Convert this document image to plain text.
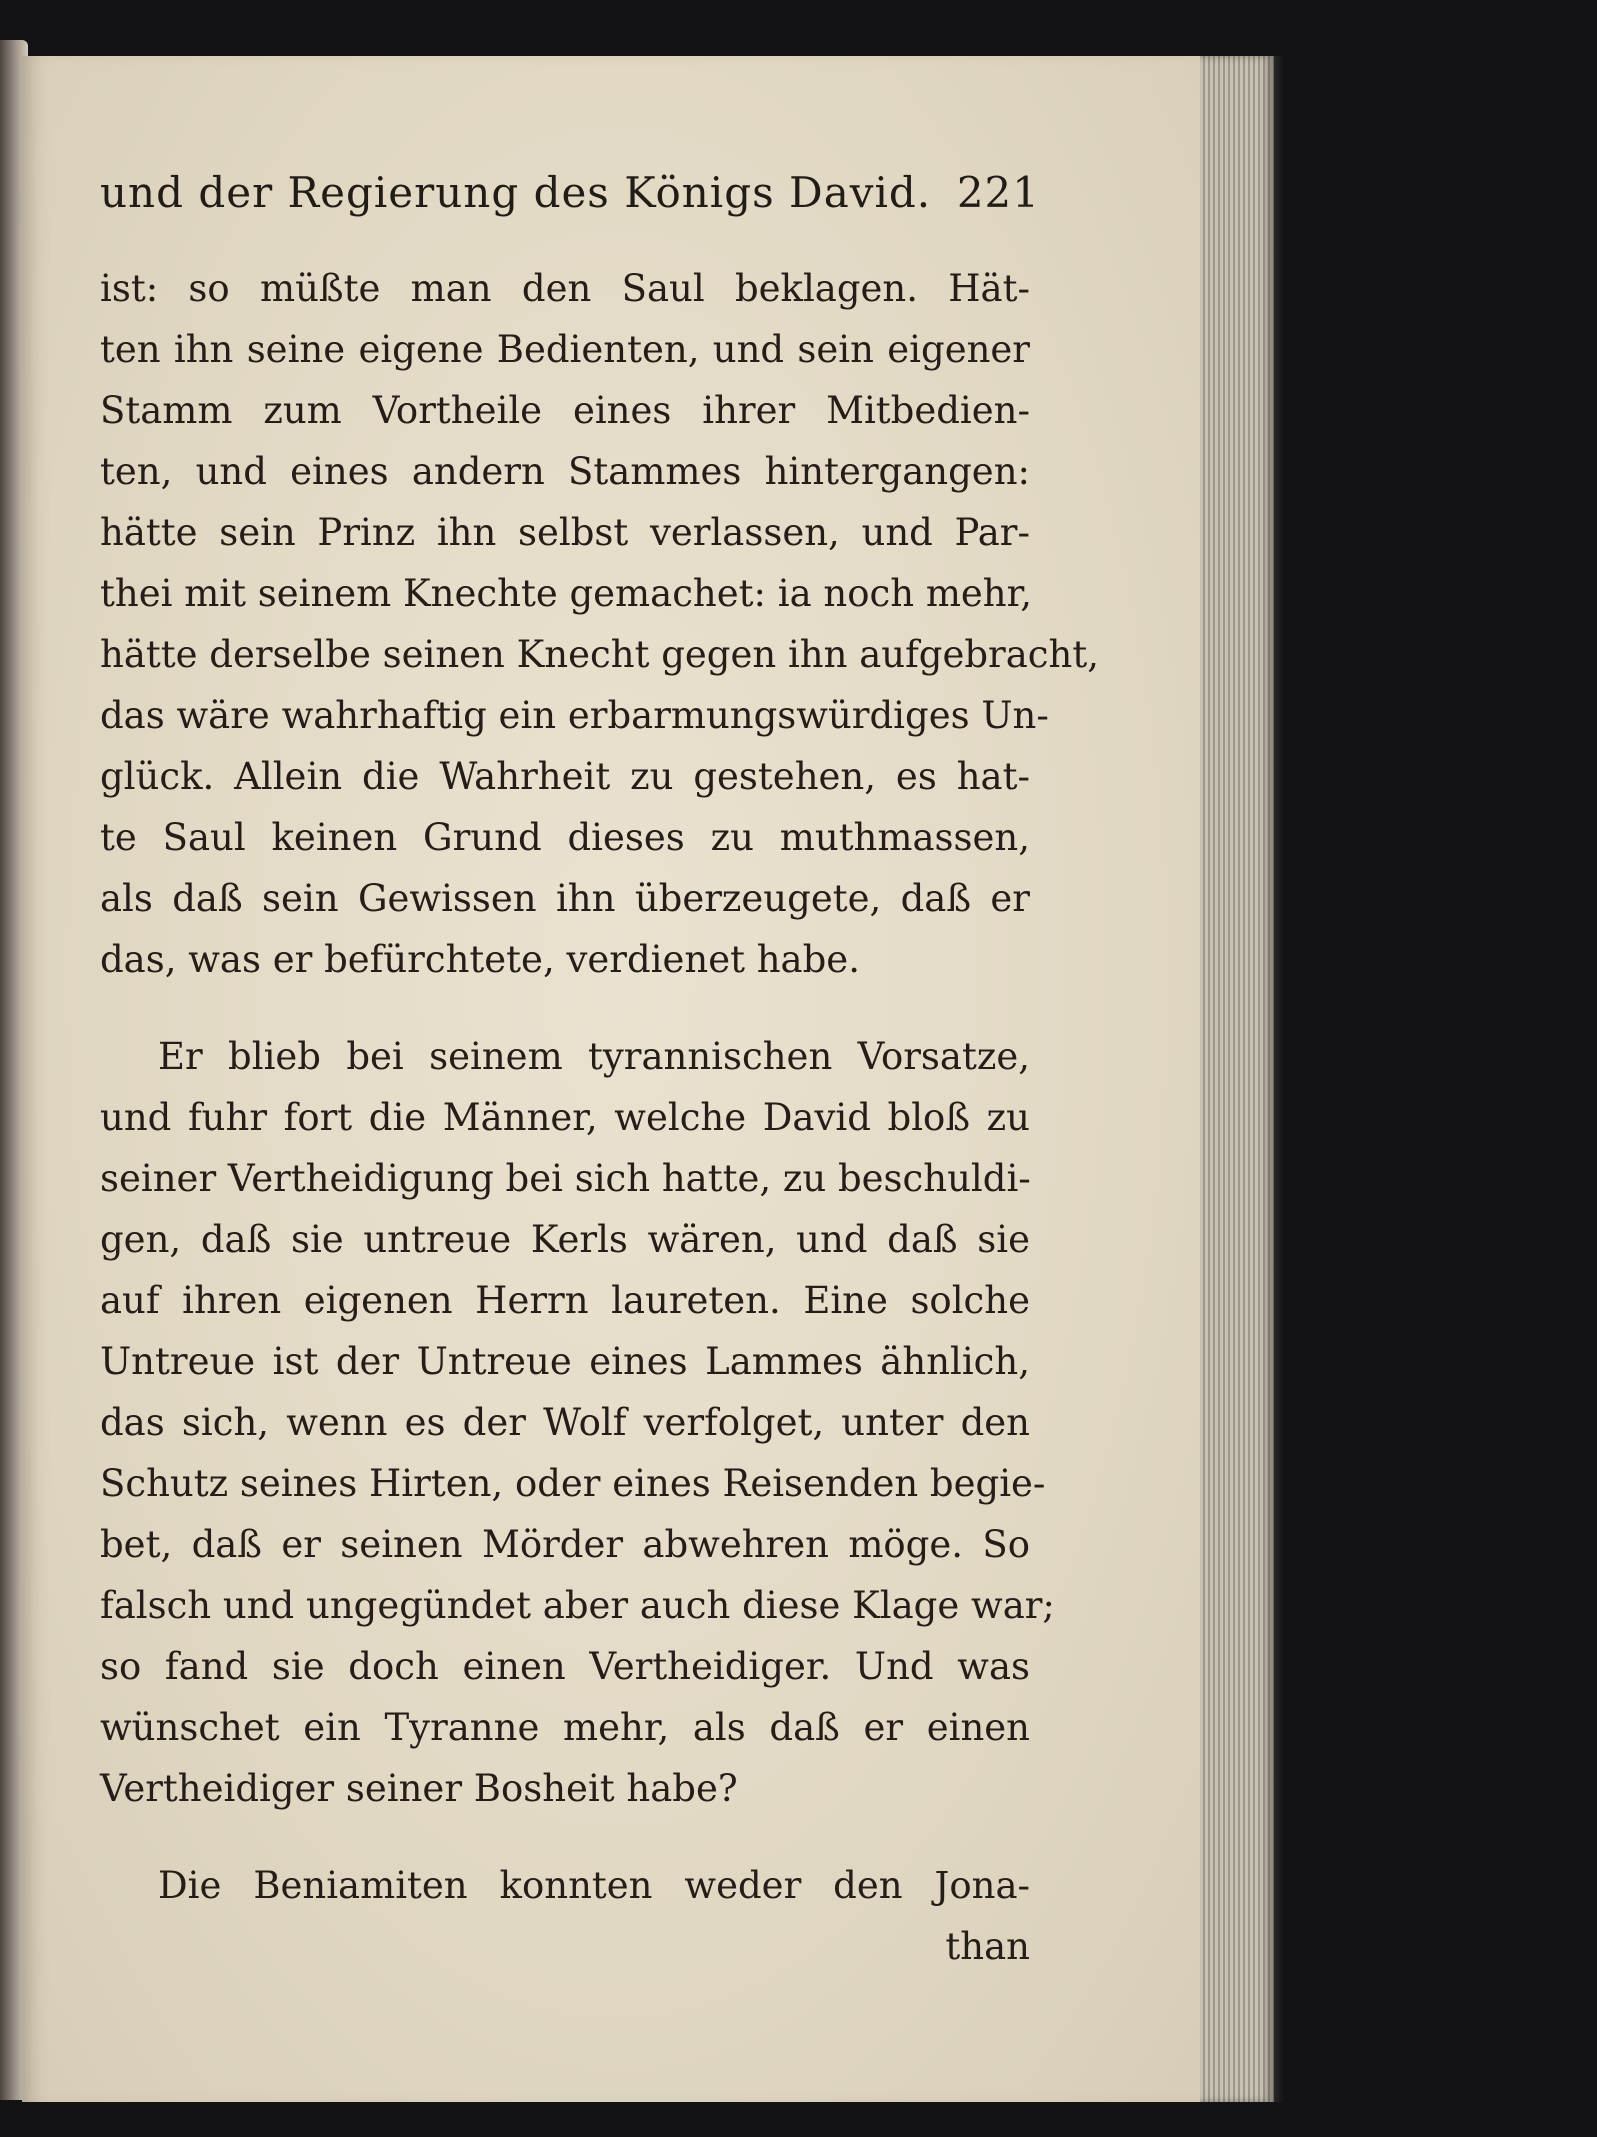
und der Regierung des Königs David. 221
ist: so müßte man den Saul beklagen. Hät-
ten ihn seine eigene Bedienten, und sein eigener
Stamm zum Vortheile eines ihrer Mitbedien-
ten, und eines andern Stammes hintergangen:
hätte sein Prinz ihn selbst verlassen, und Par-
thei mit seinem Knechte gemachet: ia noch mehr,
hätte derselbe seinen Knecht gegen ihn aufgebracht,
das wäre wahrhaftig ein erbarmungswürdiges Un-
glück. Allein die Wahrheit zu gestehen, es hat-
te Saul keinen Grund dieses zu muthmassen,
als daß sein Gewissen ihn überzeugete, daß er
das, was er befürchtete, verdienet habe.
Er blieb bei seinem tyrannischen Vorsatze,
und fuhr fort die Männer, welche David bloß zu
seiner Vertheidigung bei sich hatte, zu beschuldi-
gen, daß sie untreue Kerls wären, und daß sie
auf ihren eigenen Herrn laureten. Eine solche
Untreue ist der Untreue eines Lammes ähnlich,
das sich, wenn es der Wolf verfolget, unter den
Schutz seines Hirten, oder eines Reisenden begie-
bet, daß er seinen Mörder abwehren möge. So
falsch und ungegündet aber auch diese Klage war;
so fand sie doch einen Vertheidiger. Und was
wünschet ein Tyranne mehr, als daß er einen
Vertheidiger seiner Bosheit habe?
Die Beniamiten konnten weder den Jona-
than
